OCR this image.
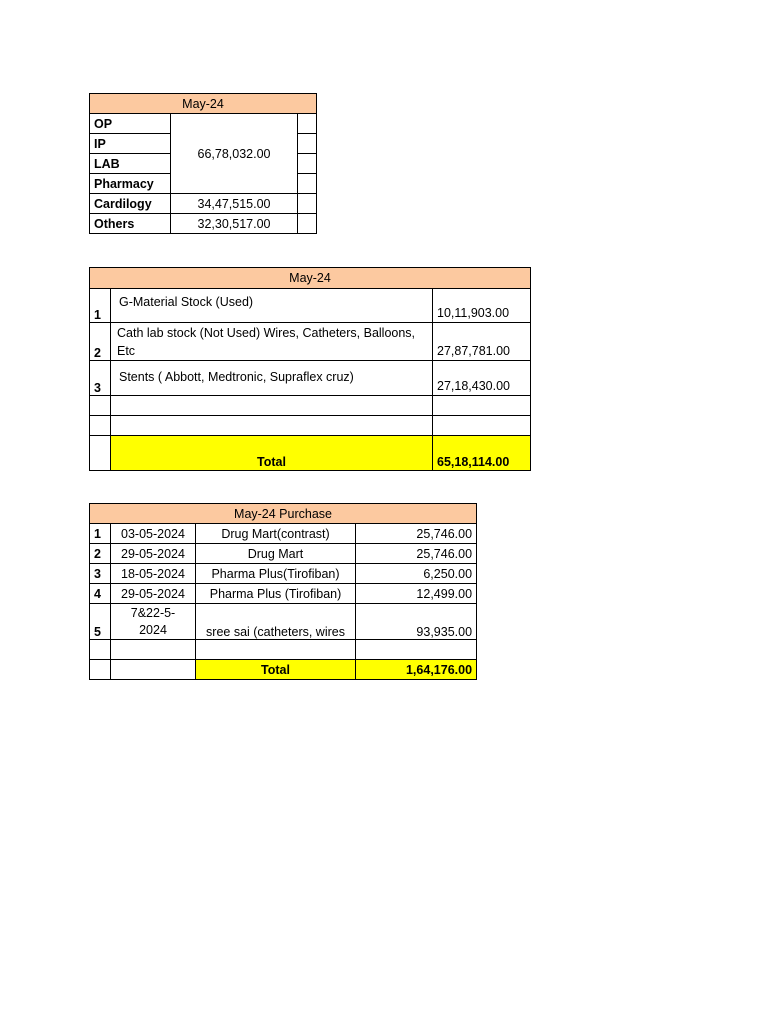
May-24		
OP	66,78,032.00	
IP		
LAB		
Pharmacy		
Cardilogy	34,47,515.00	
Others	32,30,517.00	
May-24		
1	G-Material Stock (Used)	10,11,903.00
2	Cath lab stock (Not Used) Wires, Catheters, Balloons, Etc	27,87,781.00
3	Stents ( Abbott, Medtronic, Supraflex cruz)	27,18,430.00

	Total	65,18,114.00
May-24 Purchase			
1	03-05-2024	Drug Mart(contrast)	25,746.00
2	29-05-2024	Drug Mart	25,746.00
3	18-05-2024	Pharma Plus(Tirofiban)	6,250.00
4	29-05-2024	Pharma Plus (Tirofiban)	12,499.00
5	7&22-5-2024	sree sai (catheters, wires	93,935.00

		Total	1,64,176.00
